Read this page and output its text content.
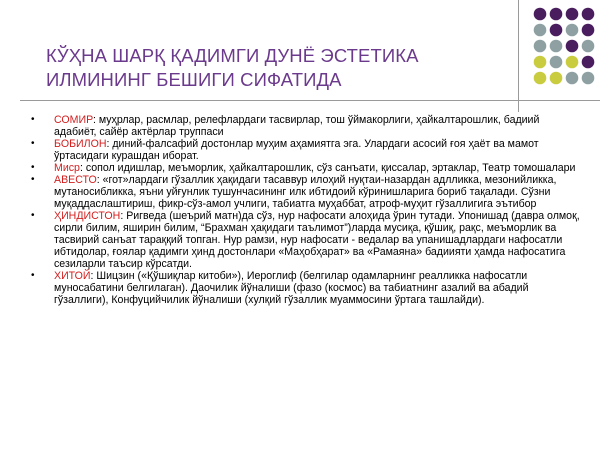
КЎҲНА ШАРҚ ҚАДИМГИ ДУНЁ ЭСТЕТИКА ИЛМИНИНГ БЕШИГИ СИФАТИДА
• СОМИР: муҳрлар, расмлар, релефлардаги тасвирлар, тош ўймакорлиги, ҳайкалтарошлик, бадиий адабиёт, сайёр актёрлар труппаси
• БОБИЛОН: диний-фалсафий достонлар муҳим аҳамиятга эга. Улардаги асосий ғоя ҳаёт ва мамот ўртасидаги курашдан иборат.
• Миср: сопол идишлар, меъморлик, ҳайкалтарошлик, сўз санъати, қиссалар, эртаклар, Театр томошалари
• АВЕСТО: «гот»лардаги гўзаллик ҳақидаги тасаввур илоҳий нуқтаи-назардан адлликка, мезонийликка, мутаносибликка, яъни уйғунлик тушунчасининг илк ибтидоий кўринишларига бориб тақалади. Сўзни муқаддаслаштириш, фикр-сўз-амол учлиги, табиатга муҳаббат, атроф-муҳит гўзаллигига эътибор
• ҲИНДИСТОН: Ригведа (шеърий матн)да сўз, нур нафосати алоҳида ўрин тутади. Упонишад (давра олмоқ, сирли билим, яширин билим, “Брахман ҳақидаги таълимот”)ларда мусиқа, қўшиқ, рақс, меъморлик ва тасвирий санъат тараққий топган. Нур рамзи, нур нафосати - ведалар ва упанишадлардаги нафосатли ибтидолар, ғоялар қадимги ҳинд достонлари «Маҳобҳарат» ва «Рамаяна» бадиияти ҳамда нафосатига сезиларли таъсир кўрсатди.
• ХИТОЙ: Шицзин («Қўшиқлар китоби»), Иероглиф (белгилар одамларнинг реалликка нафосатли муносабатини белгилаган). Даочилик йўналиши (фазо (космос) ва табиатнинг азалий ва абадий гўзаллиги), Конфуцийчилик йўналиши (хулқий гўзаллик муаммосини ўртага ташлайди).
